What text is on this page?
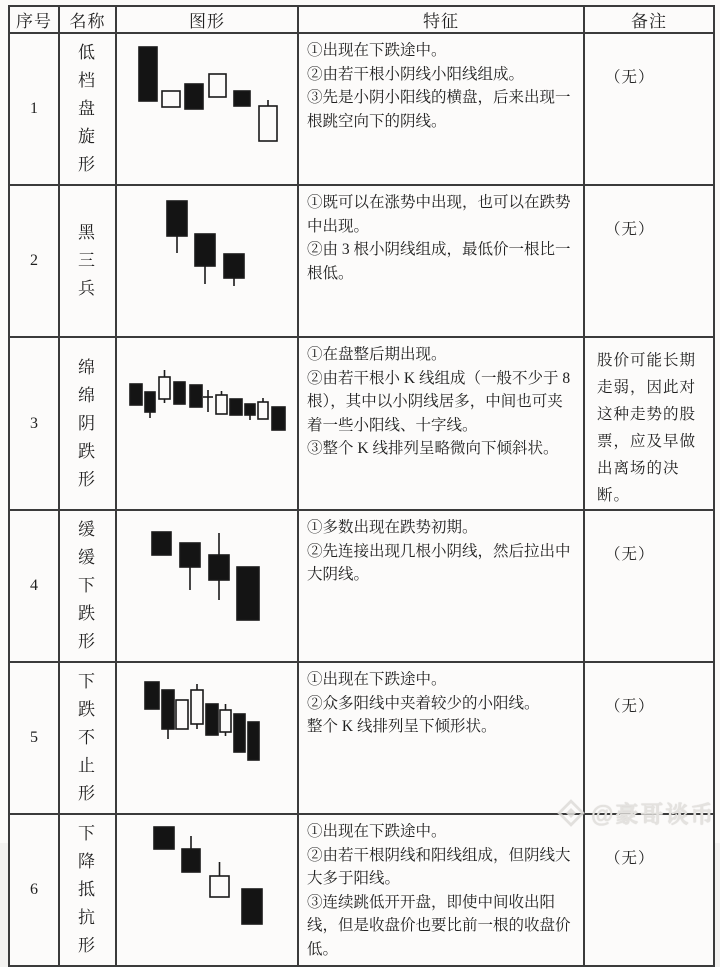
序号	名称	图形	特征	备注
1	低档盘旋形		①出现在下跌途中。

②由若干根小阴线小阳线组成。

③先是小阴小阳线的横盘，后来出现一根跳空向下的阴线。	（无）
2	黑三兵		①既可以在涨势中出现，也可以在跌势中出现。

②由 3 根小阴线组成，最低价一根比一根低。	（无）
3	绵绵阴跌形		①在盘整后期出现。

②由若干根小 K 线组成（一般不少于 8 根），其中以小阴线居多，中间也可夹着一些小阳线、十字线。

③整个 K 线排列呈略微向下倾斜状。	股价可能长期走弱，因此对这种走势的股票，应及早做出离场的决断。
4	缓缓下跌形		①多数出现在跌势初期。

②先连接出现几根小阴线，然后拉出中大阴线。	（无）
5	下跌不止形		①出现在下跌途中。

②众多阳线中夹着较少的小阳线。

整个 K 线排列呈下倾形状。	（无）
6	下降抵抗形		①出现在下跌途中。

②由若干根阴线和阳线组成，但阴线大大多于阳线。

③连续跳低开开盘，即使中间收出阳线，但是收盘价也要比前一根的收盘价低。	（无）
@豪哥谈币
